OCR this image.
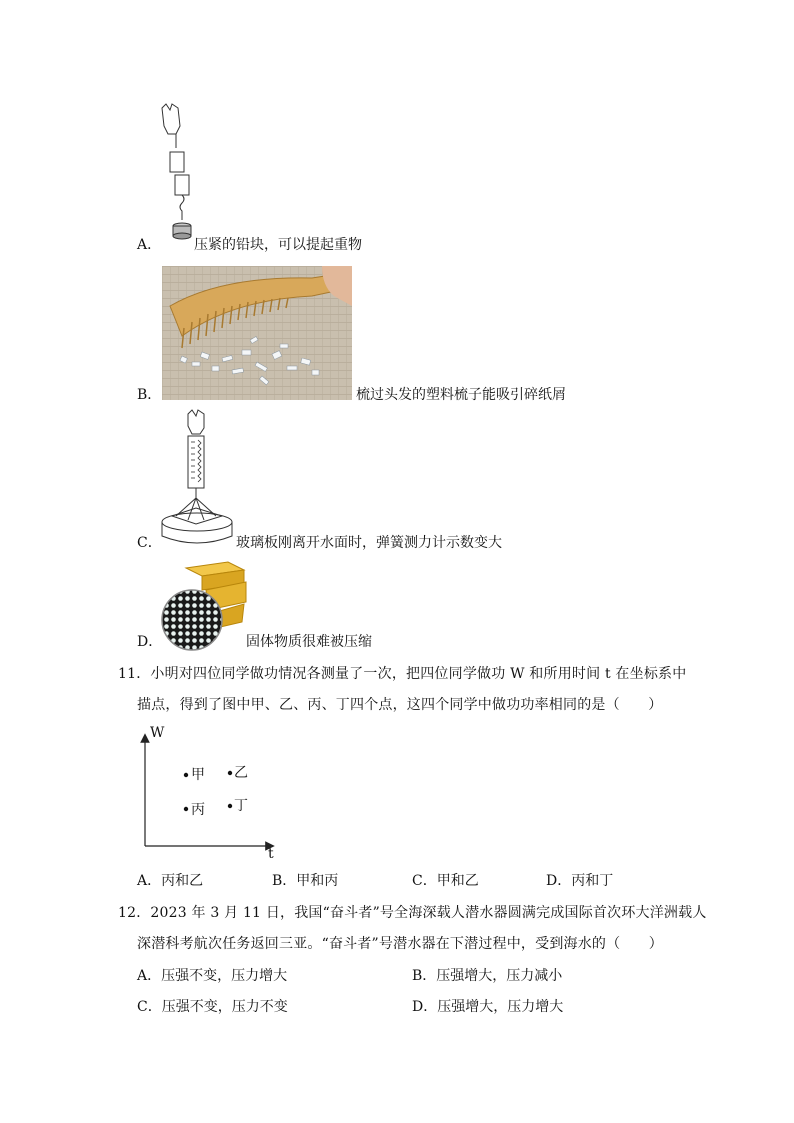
A． 压紧的铅块，可以提起重物
B．	梳过头发的塑料梳子能吸引碎纸屑
C．	玻璃板刚离开水面时，弹簧测力计示数变大
D．	固体物质很难被压缩
11．小明对四位同学做功情况各测量了一次，把四位同学做功 W 和所用时间 t 在坐标系中
描点，得到了图中甲、乙、丙、丁四个点，这四个同学中做功功率相同的是（　　）
W
t
甲 乙
丙 丁
A．丙和乙	B．甲和丙	C．甲和乙	D．丙和丁
12．2023 年 3 月 11 日，我国“奋斗者”号全海深载人潜水器圆满完成国际首次环大洋洲载人
深潜科考航次任务返回三亚。“奋斗者”号潜水器在下潜过程中，受到海水的（　　）
A．压强不变，压力增大	B．压强增大，压力减小
C．压强不变，压力不变	D．压强增大，压力增大
